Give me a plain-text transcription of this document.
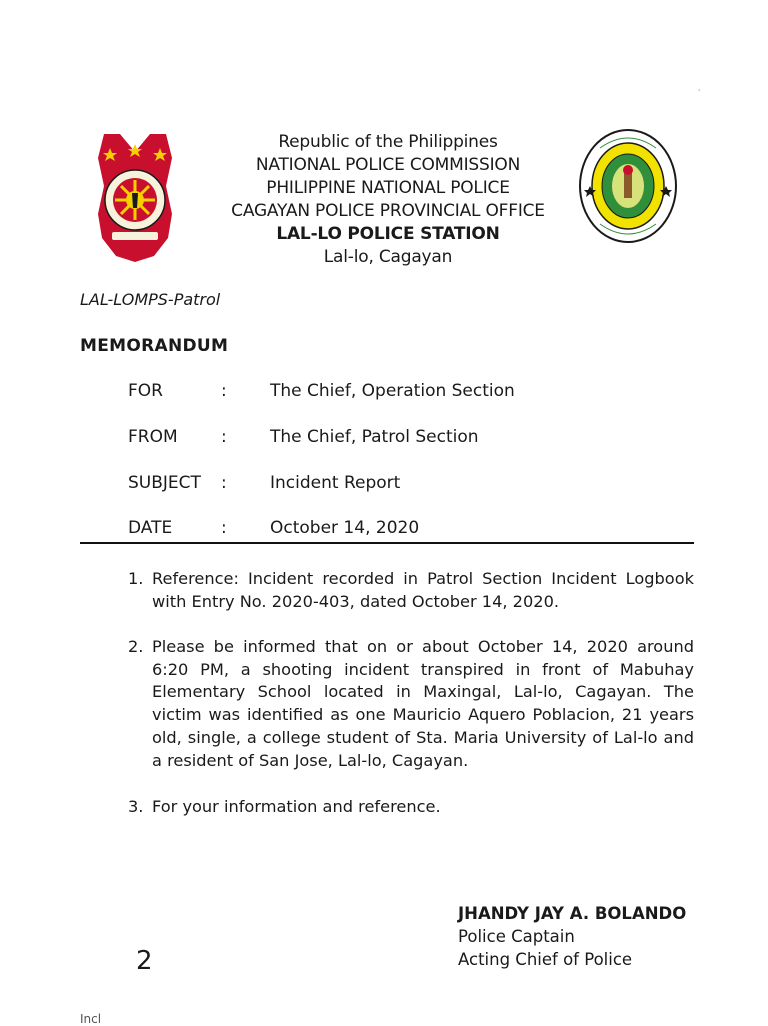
'
Republic of the Philippines
NATIONAL POLICE COMMISSION
PHILIPPINE NATIONAL POLICE
CAGAYAN POLICE PROVINCIAL OFFICE
LAL-LO POLICE STATION
Lal-lo, Cagayan
LAL-LOMPS-Patrol
MEMORANDUM
FOR	:	The Chief, Operation Section
FROM	:	The Chief, Patrol Section
SUBJECT :	Incident Report
DATE	:	October 14, 2020
1. Reference: Incident recorded in Patrol Section Incident Logbook with Entry No. 2020-403, dated October 14, 2020.
2. Please be informed that on or about October 14, 2020 around 6:20 PM, a shooting incident transpired in front of Mabuhay Elementary School located in Maxingal, Lal-lo, Cagayan. The victim was identified as one Mauricio Aquero Poblacion, 21 years old, single, a college student of Sta. Maria University of Lal-lo and a resident of San Jose, Lal-lo, Cagayan.
3. For your information and reference.
JHANDY JAY A. BOLANDO
Police Captain
Acting Chief of Police
2
Incl
